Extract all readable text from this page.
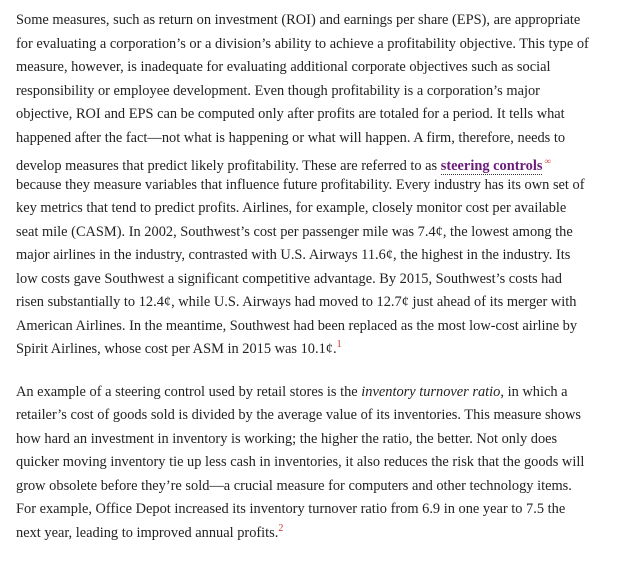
Some measures, such as return on investment (ROI) and earnings per share (EPS), are appropriate
for evaluating a corporation’s or a division’s ability to achieve a profitability objective. This type of
measure, however, is inadequate for evaluating additional corporate objectives such as social
responsibility or employee development. Even though profitability is a corporation’s major
objective, ROI and EPS can be computed only after profits are totaled for a period. It tells what
happened after the fact—not what is happening or what will happen. A firm, therefore, needs to
develop measures that predict likely profitability. These are referred to as steering controls ∞
because they measure variables that influence future profitability. Every industry has its own set of
key metrics that tend to predict profits. Airlines, for example, closely monitor cost per available
seat mile (CASM). In 2002, Southwest’s cost per passenger mile was 7.4¢, the lowest among the
major airlines in the industry, contrasted with U.S. Airways 11.6¢, the highest in the industry. Its
low costs gave Southwest a significant competitive advantage. By 2015, Southwest’s costs had
risen substantially to 12.4¢, while U.S. Airways had moved to 12.7¢ just ahead of its merger with
American Airlines. In the meantime, Southwest had been replaced as the most low-cost airline by
Spirit Airlines, whose cost per ASM in 2015 was 10.1¢.$^1$

An example of a steering control used by retail stores is the inventory turnover ratio, in which a
retailer’s cost of goods sold is divided by the average value of its inventories. This measure shows
how hard an investment in inventory is working; the higher the ratio, the better. Not only does
quicker moving inventory tie up less cash in inventories, it also reduces the risk that the goods will
grow obsolete before they’re sold—a crucial measure for computers and other technology items.
For example, Office Depot increased its inventory turnover ratio from 6.9 in one year to 7.5 the
next year, leading to improved annual profits.$^2$
